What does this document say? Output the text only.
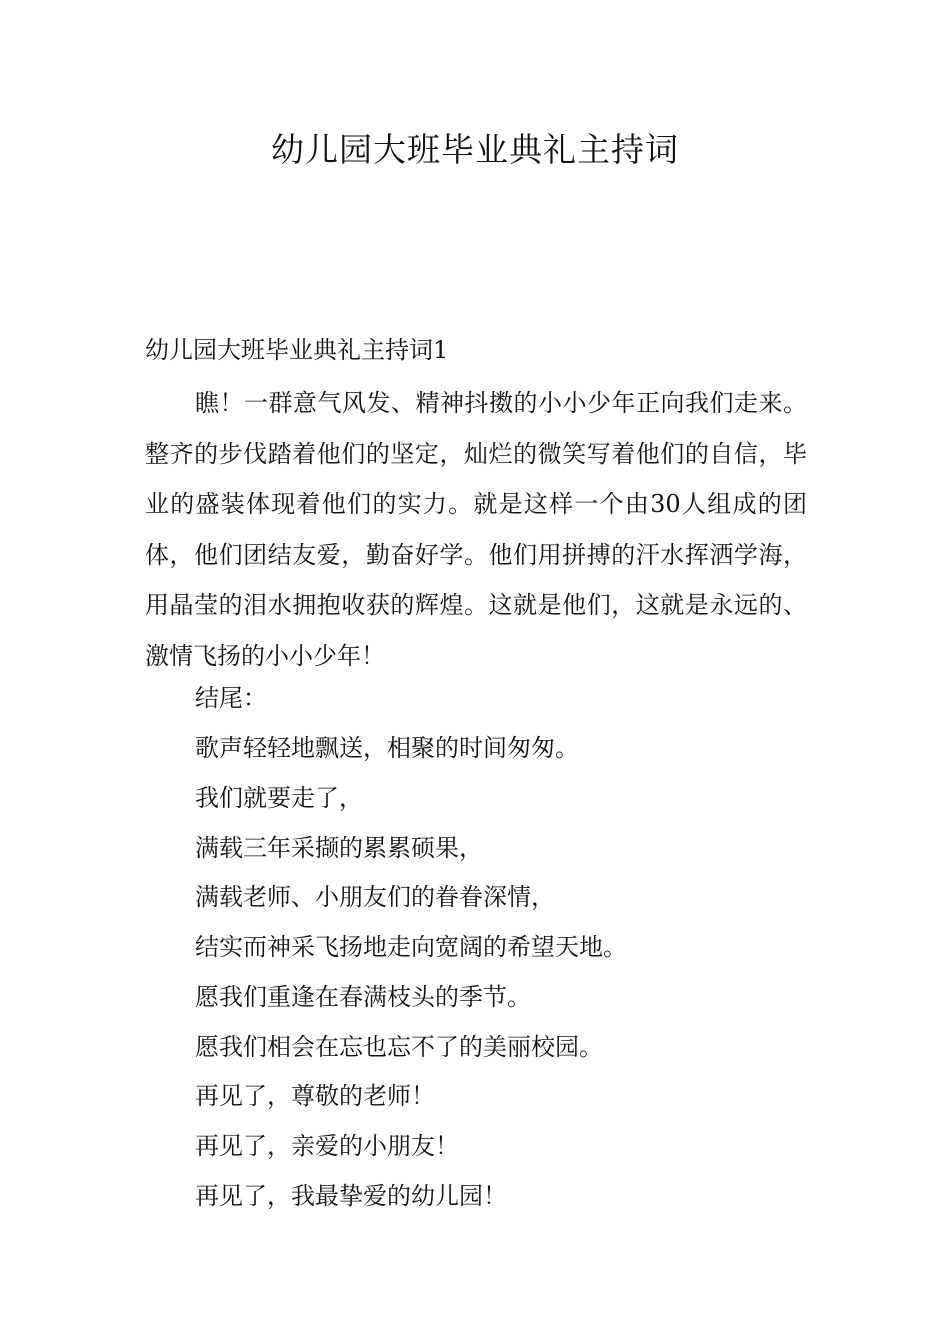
幼儿园大班毕业典礼主持词

幼儿园大班毕业典礼主持词1

瞧！一群意气风发、精神抖擞的小小少年正向我们走来。整齐的步伐踏着他们的坚定，灿烂的微笑写着他们的自信，毕业的盛装体现着他们的实力。就是这样一个由30人组成的团体，他们团结友爱，勤奋好学。他们用拼搏的汗水挥洒学海，用晶莹的泪水拥抱收获的辉煌。这就是他们，这就是永远的、激情飞扬的小小少年！

结尾：

歌声轻轻地飘送，相聚的时间匆匆。

我们就要走了，

满载三年采撷的累累硕果，

满载老师、小朋友们的眷眷深情，

结实而神采飞扬地走向宽阔的希望天地。

愿我们重逢在春满枝头的季节。

愿我们相会在忘也忘不了的美丽校园。

再见了，尊敬的老师！

再见了，亲爱的小朋友！

再见了，我最挚爱的幼儿园！
